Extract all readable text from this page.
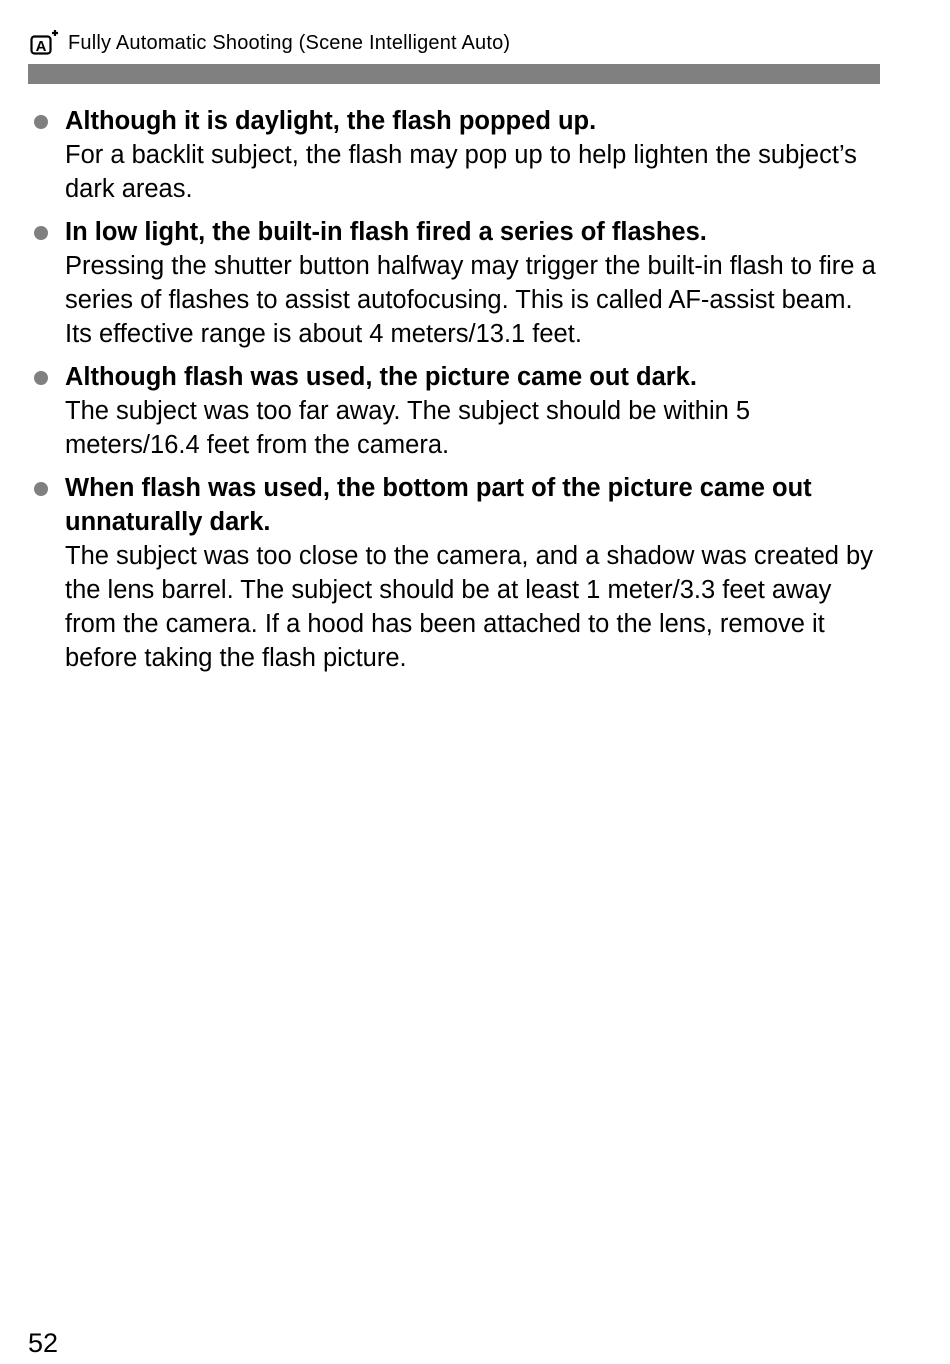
A Fully Automatic Shooting (Scene Intelligent Auto)
Although it is daylight, the flash popped up.
For a backlit subject, the flash may pop up to help lighten the subject’s dark areas.
In low light, the built-in flash fired a series of flashes.
Pressing the shutter button halfway may trigger the built-in flash to fire a series of flashes to assist autofocusing. This is called AF-assist beam. Its effective range is about 4 meters/13.1 feet.
Although flash was used, the picture came out dark.
The subject was too far away. The subject should be within 5 meters/16.4 feet from the camera.
When flash was used, the bottom part of the picture came out unnaturally dark.
The subject was too close to the camera, and a shadow was created by the lens barrel. The subject should be at least 1 meter/3.3 feet away from the camera. If a hood has been attached to the lens, remove it before taking the flash picture.
52
